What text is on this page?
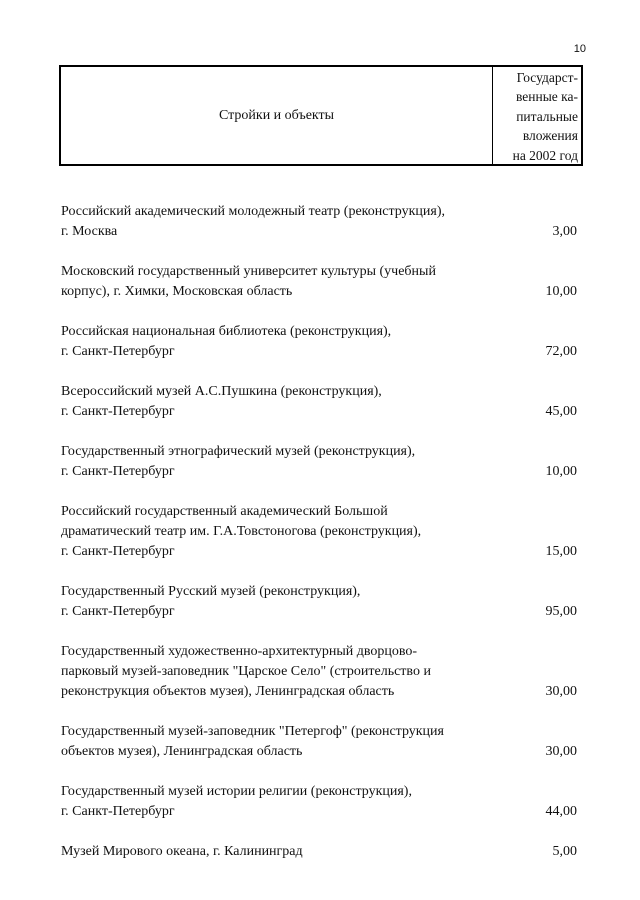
10
Стройки и объекты
Государст-
венные ка-
питальные
вложения
на 2002 год
Российский академический молодежный театр (реконструкция),
г. Москва	3,00
Московский государственный университет культуры (учебный
корпус), г. Химки, Московская область	10,00
Российская национальная библиотека (реконструкция),
г. Санкт-Петербург	72,00
Всероссийский музей А.С.Пушкина (реконструкция),
г. Санкт-Петербург	45,00
Государственный этнографический музей (реконструкция),
г. Санкт-Петербург	10,00
Российский государственный академический Большой
драматический театр им. Г.А.Товстоногова (реконструкция),
г. Санкт-Петербург	15,00
Государственный Русский музей (реконструкция),
г. Санкт-Петербург	95,00
Государственный художественно-архитектурный дворцово-
парковый музей-заповедник "Царское Село" (строительство и
реконструкция объектов музея), Ленинградская область	30,00
Государственный музей-заповедник "Петергоф" (реконструкция
объектов музея), Ленинградская область	30,00
Государственный музей истории религии (реконструкция),
г. Санкт-Петербург	44,00
Музей Мирового океана, г. Калининград	5,00
